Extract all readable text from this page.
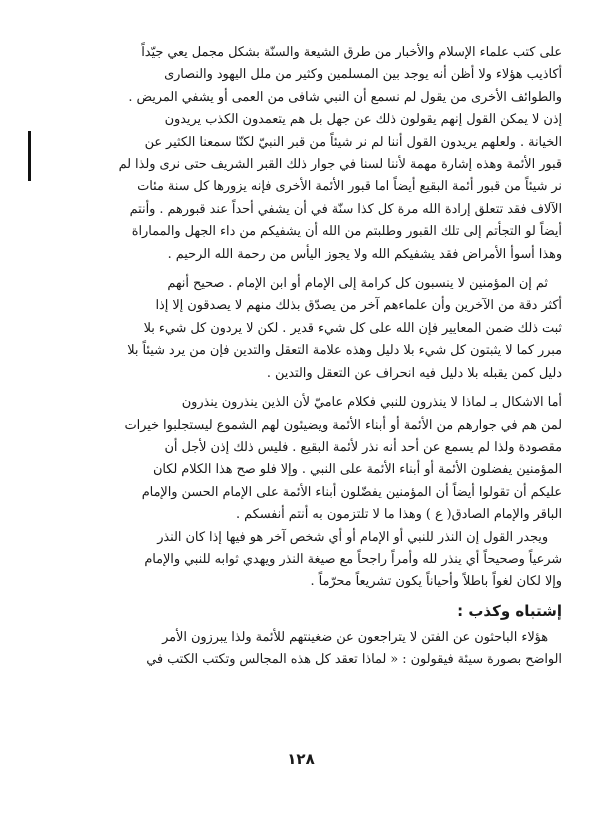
على كتب علماء الإسلام والأخبار من طرق الشيعة والسنّة بشكل مجمل يعي جيّداً

أكاذيب هؤلاء ولا أظن أنه يوجد بين المسلمين وكثير من ملل اليهود والنصارى

والطوائف الأخرى من يقول لم نسمع أن النبي شافى من العمى أو يشفي المريض .

إذن لا يمكن القول إنهم يقولون ذلك عن جهل بل هم يتعمدون الكذب يريدون

الخيانة . ولعلهم يريدون القول أننا لم نر شيئاً من قبر النبيّ لكنّا سمعنا الكثير عن

قبور الأئمة وهذه إشارة مهمة لأننا لسنا في جوار ذلك القبر الشريف حتى نرى ولذا لم

نر شيئاً من قبور أئمة البقيع أيضاً اما قبور الأئمة الأخرى فإنه يزورها كل سنة مئات

الآلاف فقد تتعلق إرادة الله مرة كل كذا سنّة في أن يشفي أحداً عند قبورهم . وأنتم

أيضاً لو التجأتم إلى تلك القبور وطلبتم من الله أن يشفيكم من داء الجهل والمماراة

وهذا أسوأ الأمراض فقد يشفيكم الله ولا يجوز اليأس من رحمة الله الرحيم .

ثم إن المؤمنين لا ينسبون كل كرامة إلى الإمام أو ابن الإمام . صحيح أنهم

أكثر دقة من الآخرين وأن علماءهم آخر من يصدّق بذلك منهم لا يصدقون إلا إذا

ثبت ذلك ضمن المعايير فإن الله على كل شيء قدير . لكن لا يردون كل شيء بلا

مبرر كما لا يثبتون كل شيء بلا دليل وهذه علامة التعقل والتدين فإن من يرد شيئاً بلا

دليل كمن يقبله بلا دليل فيه انحراف عن التعقل والتدين .

أما الاشكال بـ لماذا لا ينذرون للنبي فكلام عاميّ لأن الذين ينذرون ينذرون

لمن هم في جوارهم من الأئمة أو أبناء الأئمة ويضيئون لهم الشموع ليستجلبوا خيرات

مقصودة ولذا لم يسمع عن أحد أنه نذر لأئمة البقيع . فليس ذلك إذن لأجل أن

المؤمنين يفضلون الأئمة أو أبناء الأئمة على النبي . وإلا فلو صح هذا الكلام لكان

عليكم أن تقولوا أيضاً أن المؤمنين يفضّلون أبناء الأئمة على الإمام الحسن والإمام

الباقر والإمام الصادق( ع ) وهذا ما لا تلتزمون به أنتم أنفسكم .

ويجدر القول إن النذر للنبي أو الإمام أو أي شخص آخر هو فيها إذا كان النذر

شرعياً وصحيحاً أي ينذر لله وأمراً راجحاً مع صيغة النذر ويهدي ثوابه للنبي والإمام

وإلا لكان لغواً باطلاً وأحياناً يكون تشريعاً محرّماً .

إشتباه وكذب :

هؤلاء الباحثون عن الفتن لا يتراجعون عن ضغينتهم للأئمة ولذا يبرزون الأمر

الواضح بصورة سيئة فيقولون : « لماذا تعقد كل هذه المجالس وتكتب الكتب في

١٢٨
